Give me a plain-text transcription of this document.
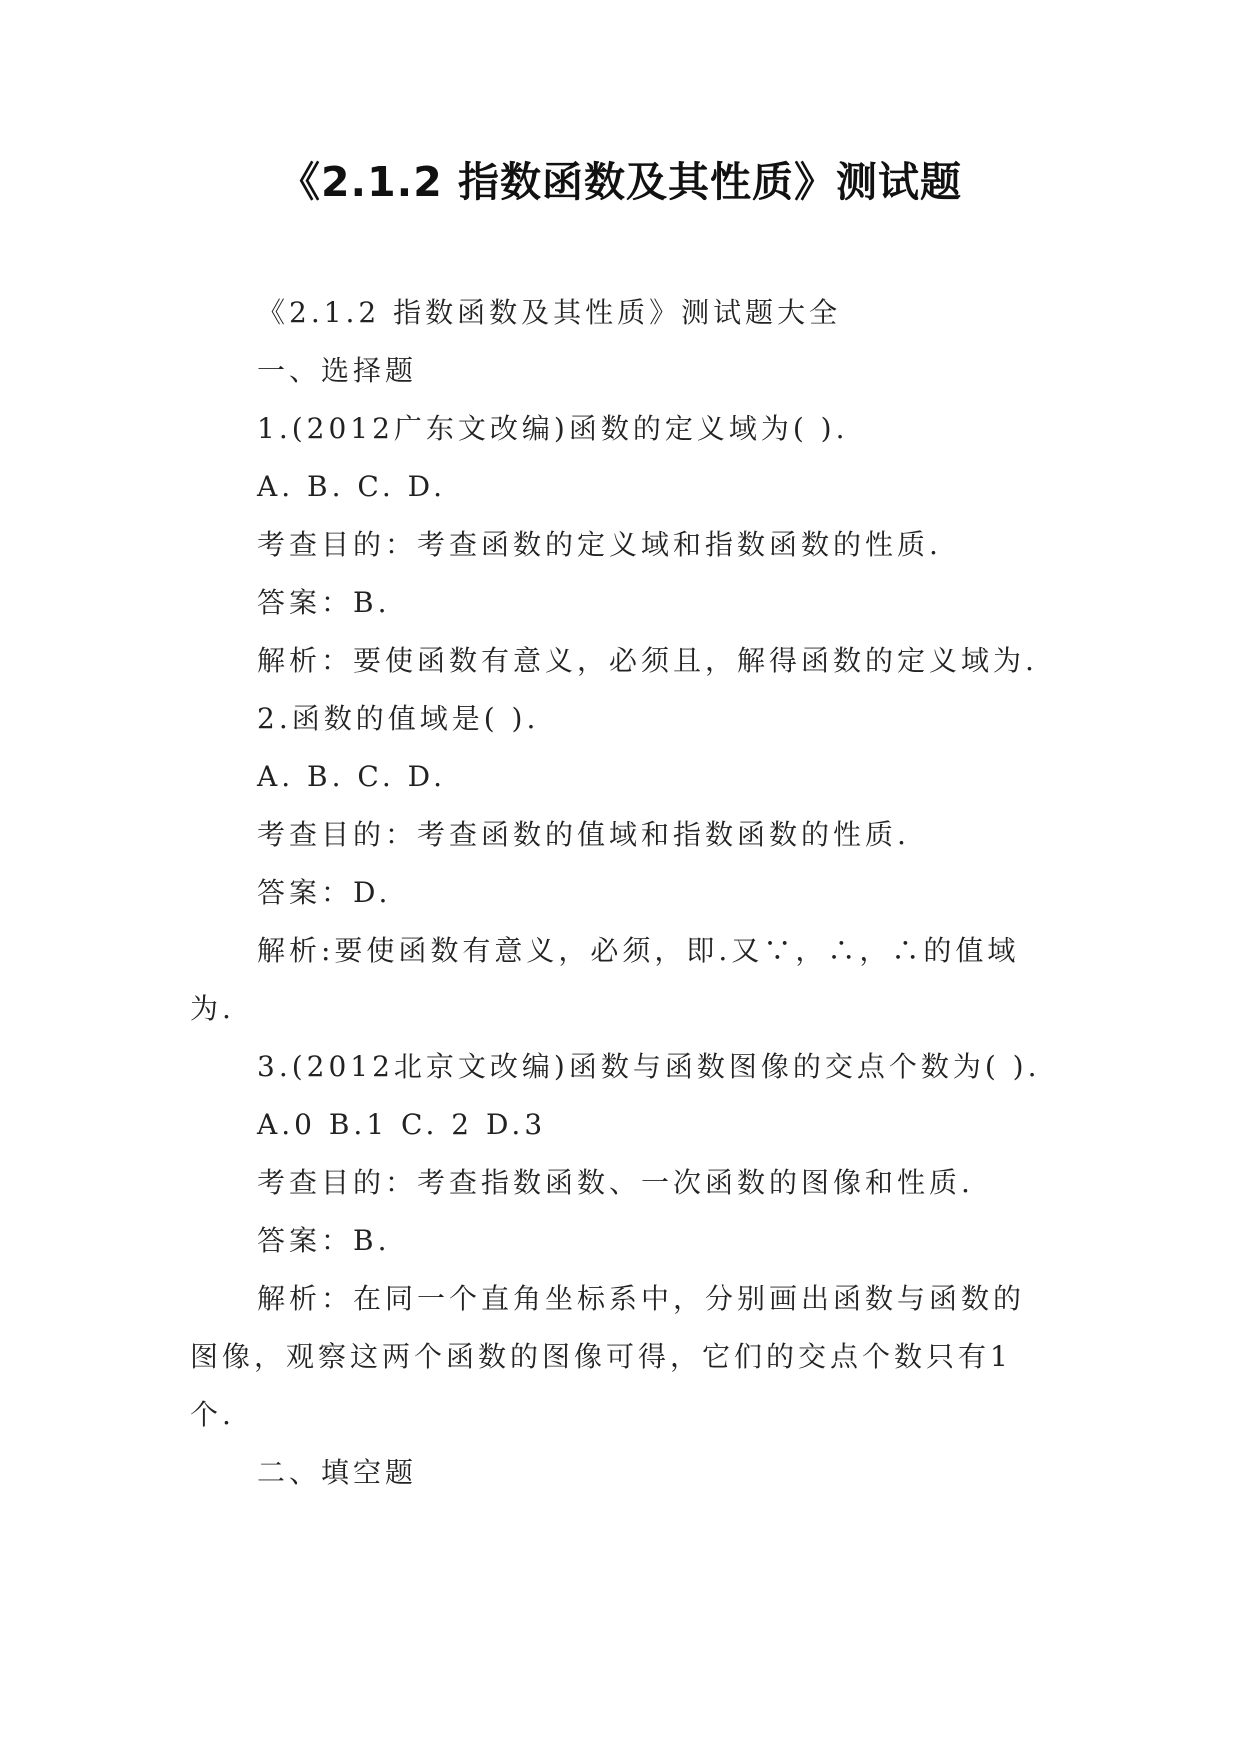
《2.1.2 指数函数及其性质》测试题

《2.1.2 指数函数及其性质》测试题大全

一、选择题

1.(2012广东文改编)函数的定义域为( ).

A. B. C. D.

考查目的：考查函数的定义域和指数函数的性质.

答案：B.

解析：要使函数有意义，必须且，解得函数的定义域为.

2.函数的值域是( ).

A. B. C. D.

考查目的：考查函数的值域和指数函数的性质.

答案：D.

解析:要使函数有意义，必须，即.又∵，∴，∴的值域为.

3.(2012北京文改编)函数与函数图像的交点个数为( ).

A.0 B.1 C. 2 D.3

考查目的：考查指数函数、一次函数的图像和性质.

答案：B.

解析：在同一个直角坐标系中，分别画出函数与函数的图像，观察这两个函数的图像可得，它们的交点个数只有1个.

二、填空题
